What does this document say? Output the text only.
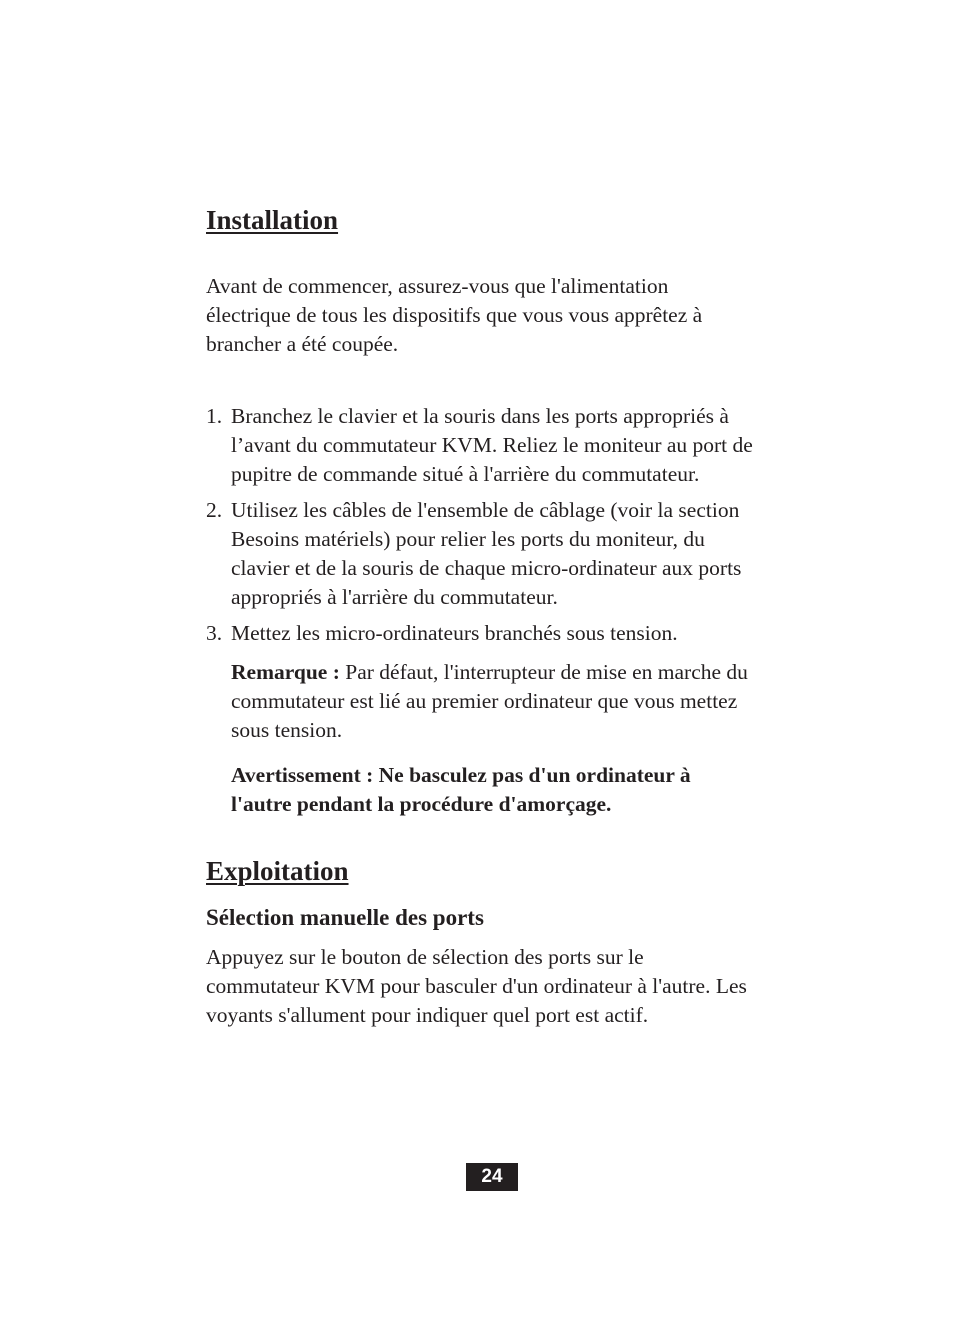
Installation

Avant de commencer, assurez-vous que l'alimentation électrique de tous les dispositifs que vous vous apprêtez à brancher a été coupée.

1. Branchez le clavier et la souris dans les ports appropriés à l’avant du commutateur KVM. Reliez le moniteur au port de pupitre de commande situé à l'arrière du commutateur.
2. Utilisez les câbles de l'ensemble de câblage (voir la section Besoins matériels) pour relier les ports du moniteur, du clavier et de la souris de chaque micro-ordinateur aux ports appropriés à l'arrière du commutateur.
3. Mettez les micro-ordinateurs branchés sous tension.

Remarque : Par défaut, l'interrupteur de mise en marche du commutateur est lié au premier ordinateur que vous mettez sous tension.

Avertissement : Ne basculez pas d'un ordinateur à l'autre pendant la procédure d'amorçage.

Exploitation
Sélection manuelle des ports

Appuyez sur le bouton de sélection des ports sur le commutateur KVM pour basculer d'un ordinateur à l'autre. Les voyants s'allument pour indiquer quel port est actif.

24
